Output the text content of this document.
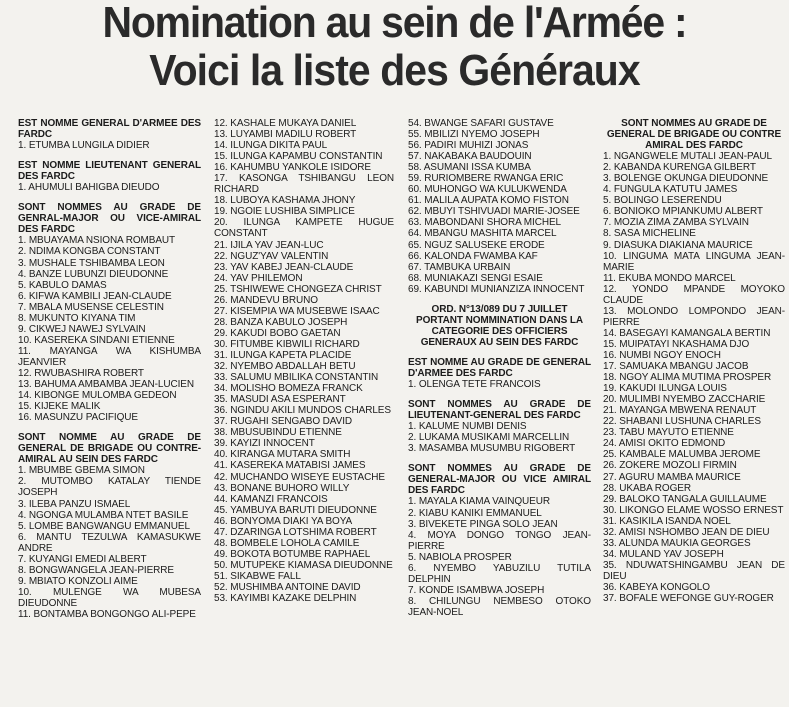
Nomination au sein de l'Armée :
Voici la liste des Généraux
EST NOMME GENERAL D'ARMEE DES FARDC
1. ETUMBA LUNGILA DIDIER
EST NOMME LIEUTENANT GENERAL DES FARDC
1. AHUMULI BAHIGBA DIEUDO
SONT NOMMES AU GRADE DE GENRAL-MAJOR OU VICE-AMIRAL DES FARDC
1. MBUAYAMA NSIONA ROMBAUT
2. NDIMA KONGBA CONSTANT
3. MUSHALE TSHIBAMBA LEON
4. BANZE LUBUNZI DIEUDONNE
5. KABULO DAMAS
6. KIFWA KAMBILI JEAN-CLAUDE
7. MBALA MUSENSE CELESTIN
8. MUKUNTO KIYANA TIM
9. CIKWEJ NAWEJ SYLVAIN
10. KASEREKA SINDANI ETIENNE
11. MAYANGA WA KISHUMBA JEANVIER
12. RWUBASHIRA ROBERT
13. BAHUMA AMBAMBA JEAN-LUCIEN
14. KIBONGE MULOMBA GEDEON
15. KIJEKE MALIK
16. MASUNZU PACIFIQUE
SONT NOMME AU GRADE DE GENERAL DE BRIGADE OU CONTRE-AMIRAL AU SEIN DES FARDC
1. MBUMBE GBEMA SIMON
2. MUTOMBO KATALAY TIENDE JOSEPH
3. ILEBA PANZU ISMAEL
4. NGONGA MULAMBA NTET BASILE
5. LOMBE BANGWANGU EMMANUEL
6. MANTU TEZULWA KAMASUKWE ANDRE
7. KUYANGI EMEDI ALBERT
8. BONGWANGELA JEAN-PIERRE
9. MBIATO KONZOLI AIME
10. MULENGE WA MUBESA DIEUDONNE
11. BONTAMBA BONGONGO ALI-PEPE
12. KASHALE MUKAYA DANIEL
13. LUYAMBI MADILU ROBERT
14. ILUNGA DIKITA PAUL
15. ILUNGA KAPAMBU CONSTANTIN
16. KAHUMBU YANKOLE ISIDORE
17. KASONGA TSHIBANGU LEON RICHARD
18. LUBOYA KASHAMA JHONY
19. NGOIE LUSHIBA SIMPLICE
20. ILUNGA KAMPETE HUGUE CONSTANT
21. IJILA YAV JEAN-LUC
22. NGUZ'YAV VALENTIN
23. YAV KABEJ JEAN-CLAUDE
24. YAV PHILEMON
25. TSHIWEWE CHONGEZA CHRIST
26. MANDEVU BRUNO
27. KISEMPIA WA MUSEBWE ISAAC
28. BANZA KABULO JOSEPH
29. KAKUDI BOBO GAETAN
30. FITUMBE KIBWILI RICHARD
31. ILUNGA KAPETA PLACIDE
32. NYEMBO ABDALLAH BETU
33. SALUMU MBILIKA CONSTANTIN
34. MOLISHO BOMEZA FRANCK
35. MASUDI ASA ESPERANT
36. NGINDU AKILI MUNDOS CHARLES
37. RUGAHI SENGABO DAVID
38. MBUSUBINDU ETIENNE
39. KAYIZI INNOCENT
40. KIRANGA MUTARA SMITH
41. KASEREKA MATABISI JAMES
42. MUCHANDO WISEYE EUSTACHE
43. BONANE BUHORO WILLY
44. KAMANZI FRANCOIS
45. YAMBUYA BARUTI DIEUDONNE
46. BONYOMA DIAKI YA BOYA
47. DZARINGA LOTSHIMA ROBERT
48. BOMBELE LOHOLA CAMILE
49. BOKOTA BOTUMBE RAPHAEL
50. MUTUPEKE KIAMASA DIEUDONNE
51. SIKABWE FALL
52. MUSHIMBA ANTOINE DAVID
53. KAYIMBI KAZAKE DELPHIN
54. BWANGE SAFARI GUSTAVE
55. MBILIZI NYEMO JOSEPH
56. PADIRI MUHIZI JONAS
57. NAKABAKA BAUDOUIN
58. ASUMANI ISSA KUMBA
59. RURIOMBERE RWANGA ERIC
60. MUHONGO WA KULUKWENDA
61. MALILA AUPATA KOMO FISTON
62. MBUYI TSHIVUADI MARIE-JOSEE
63. MABONDANI SHORA MICHEL
64. MBANGU MASHITA MARCEL
65. NGUZ SALUSEKE ERODE
66. KALONDA FWAMBA KAF
67. TAMBUKA URBAIN
68. MUNIAKAZI SENGI ESAIE
69. KABUNDI MUNIANZIZA INNOCENT
ORD. N°13/089 DU 7 JUILLET PORTANT NOMMINATION DANS LA CATEGORIE DES OFFICIERS GENERAUX AU SEIN DES FARDC
EST NOMME AU GRADE DE GENERAL D'ARMEE DES FARDC
1. OLENGA TETE FRANCOIS
SONT NOMMES AU GRADE DE LIEUTENANT-GENERAL DES FARDC
1. KALUME NUMBI DENIS
2. LUKAMA MUSIKAMI MARCELLIN
3. MASAMBA MUSUMBU RIGOBERT
SONT NOMMES AU GRADE DE GENERAL-MAJOR OU VICE AMIRAL DES FARDC
1. MAYALA KIAMA VAINQUEUR
2. KIABU KANIKI EMMANUEL
3. BIVEKETE PINGA SOLO JEAN
4. MOYA DONGO TONGO JEAN-PIERRE
5. NABIOLA PROSPER
6. NYEMBO YABUZILU TUTILA DELPHIN
7. KONDE ISAMBWA JOSEPH
8. CHILUNGU NEMBESO OTOKO JEAN-NOEL
SONT NOMMES AU GRADE DE GENERAL DE BRIGADE OU CONTRE AMIRAL DES FARDC
1. NGANGWELE MUTALI JEAN-PAUL
2. KABANDA KURENGA GILBERT
3. BOLENGE OKUNGA DIEUDONNE
4. FUNGULA KATUTU JAMES
5. BOLINGO LESERENDU
6. BONIOKO MPIANKUMU ALBERT
7. MOZIA ZIMA ZAMBA SYLVAIN
8. SASA MICHELINE
9. DIASUKA DIAKIANA MAURICE
10. LINGUMA MATA LINGUMA JEAN-MARIE
11. EKUBA MONDO MARCEL
12. YONDO MPANDE MOYOKO CLAUDE
13. MOLONDO LOMPONDO JEAN-PIERRE
14. BASEGAYI KAMANGALA BERTIN
15. MUIPATAYI NKASHAMA DJO
16. NUMBI NGOY ENOCH
17. SAMUAKA MBANGU JACOB
18. NGOY ALIMA MUTIMA PROSPER
19. KAKUDI ILUNGA LOUIS
20. MULIMBI NYEMBO ZACCHARIE
21. MAYANGA MBWENA RENAUT
22. SHABANI LUSHUNA CHARLES
23. TABU MAYUTO ETIENNE
24. AMISI OKITO EDMOND
25. KAMBALE MALUMBA JEROME
26. ZOKERE MOZOLI FIRMIN
27. AGURU MAMBA MAURICE
28. UKABA ROGER
29. BALOKO TANGALA GUILLAUME
30. LIKONGO ELAME WOSSO ERNEST
31. KASIKILA ISANDA NOEL
32. AMISI NSHOMBO JEAN DE DIEU
33. ALUNDA MAUKIA GEORGES
34. MULAND YAV JOSEPH
35. NDUWATSHINGAMBU JEAN DE DIEU
36. KABEYA KONGOLO
37. BOFALE WEFONGE GUY-ROGER
